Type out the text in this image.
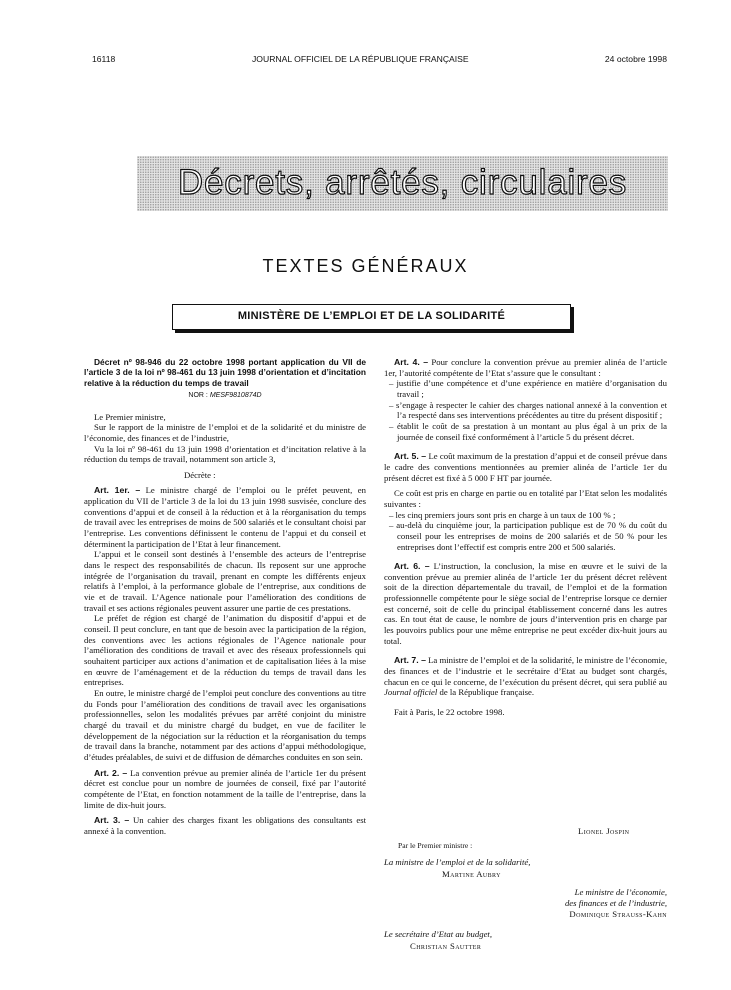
16118	JOURNAL OFFICIEL DE LA RÉPUBLIQUE FRANÇAISE	24 octobre 1998
Décrets, arrêtés, circulaires
TEXTES GÉNÉRAUX
MINISTÈRE DE L’EMPLOI ET DE LA SOLIDARITÉ

Décret nº 98-946 du 22 octobre 1998 portant application du VII de l’article 3 de la loi nº 98-461 du 13 juin 1998 d’orientation et d’incitation relative à la réduction du temps de travail

NOR : MESF9810874D

Le Premier ministre,

Sur le rapport de la ministre de l’emploi et de la solidarité et du ministre de l’économie, des finances et de l’industrie,

Vu la loi nº 98-461 du 13 juin 1998 d’orientation et d’incitation relative à la réduction du temps de travail, notamment son article 3,

Décrète :

Art. 1er. – Le ministre chargé de l’emploi ou le préfet peuvent, en application du VII de l’article 3 de la loi du 13 juin 1998 susvisée, conclure des conventions d’appui et de conseil à la réduction et à la réorganisation du temps de travail avec les entreprises de moins de 500 salariés et le consultant choisi par l’entreprise. Les conventions définissent le contenu de l’appui et du conseil et déterminent la participation de l’Etat à leur financement.

L’appui et le conseil sont destinés à l’ensemble des acteurs de l’entreprise dans le respect des responsabilités de chacun. Ils reposent sur une approche intégrée de l’organisation du travail, prenant en compte les différents enjeux relatifs à l’emploi, à la performance globale de l’entreprise, aux conditions de vie et de travail. L’Agence nationale pour l’amélioration des conditions de travail et ses actions régionales peuvent assurer une partie de ces prestations.

Le préfet de région est chargé de l’animation du dispositif d’appui et de conseil. Il peut conclure, en tant que de besoin avec la participation de la région, des conventions avec les actions régionales de l’Agence nationale pour l’amélioration des conditions de travail et avec des réseaux professionnels qui souhaitent participer aux actions d’animation et de capitalisation liées à la mise en œuvre de l’aménagement et de la réduction du temps de travail dans les entreprises.

En outre, le ministre chargé de l’emploi peut conclure des conventions au titre du Fonds pour l’amélioration des conditions de travail avec les organisations professionnelles, selon les modalités prévues par arrêté conjoint du ministre chargé du travail et du ministre chargé du budget, en vue de faciliter le développement de la négociation sur la réduction et la réorganisation du temps de travail dans la branche, notamment par des actions d’appui méthodologique, d’études préalables, de suivi et de diffusion de démarches conduites en son sein.

Art. 2. – La convention prévue au premier alinéa de l’article 1er du présent décret est conclue pour un nombre de journées de conseil, fixé par l’autorité compétente de l’Etat, en fonction notamment de la taille de l’entreprise, dans la limite de dix-huit jours.

Art. 3. – Un cahier des charges fixant les obligations des consultants est annexé à la convention.

Art. 4. – Pour conclure la convention prévue au premier alinéa de l’article 1er, l’autorité compétente de l’Etat s’assure que le consultant :

– justifie d’une compétence et d’une expérience en matière d’organisation du travail ;

– s’engage à respecter le cahier des charges national annexé à la convention et l’a respecté dans ses interventions précédentes au titre du présent dispositif ;

– établit le coût de sa prestation à un montant au plus égal à un prix de la journée de conseil fixé conformément à l’article 5 du présent décret.

Art. 5. – Le coût maximum de la prestation d’appui et de conseil prévue dans le cadre des conventions mentionnées au premier alinéa de l’article 1er du présent décret est fixé à 5 000 F HT par journée.

Ce coût est pris en charge en partie ou en totalité par l’Etat selon les modalités suivantes :

– les cinq premiers jours sont pris en charge à un taux de 100 % ;

– au-delà du cinquième jour, la participation publique est de 70 % du coût du conseil pour les entreprises de moins de 200 salariés et de 50 % pour les entreprises dont l’effectif est compris entre 200 et 500 salariés.

Art. 6. – L’instruction, la conclusion, la mise en œuvre et le suivi de la convention prévue au premier alinéa de l’article 1er du présent décret relèvent soit de la direction départementale du travail, de l’emploi et de la formation professionnelle compétente pour le siège social de l’entreprise lorsque ce dernier est concerné, soit de celle du principal établissement concerné dans les autres cas. En tout état de cause, le nombre de jours d’intervention pris en charge par les pouvoirs publics pour une même entreprise ne peut excéder dix-huit jours au total.

Art. 7. – La ministre de l’emploi et de la solidarité, le ministre de l’économie, des finances et de l’industrie et le secrétaire d’Etat au budget sont chargés, chacun en ce qui le concerne, de l’exécution du présent décret, qui sera publié au Journal officiel de la République française.

Fait à Paris, le 22 octobre 1998.

Lionel Jospin
Par le Premier ministre :
La ministre de l’emploi et de la solidarité,
Martine Aubry
Le ministre de l’économie,
des finances et de l’industrie,
Dominique Strauss-Kahn
Le secrétaire d’Etat au budget,
Christian Sautter
